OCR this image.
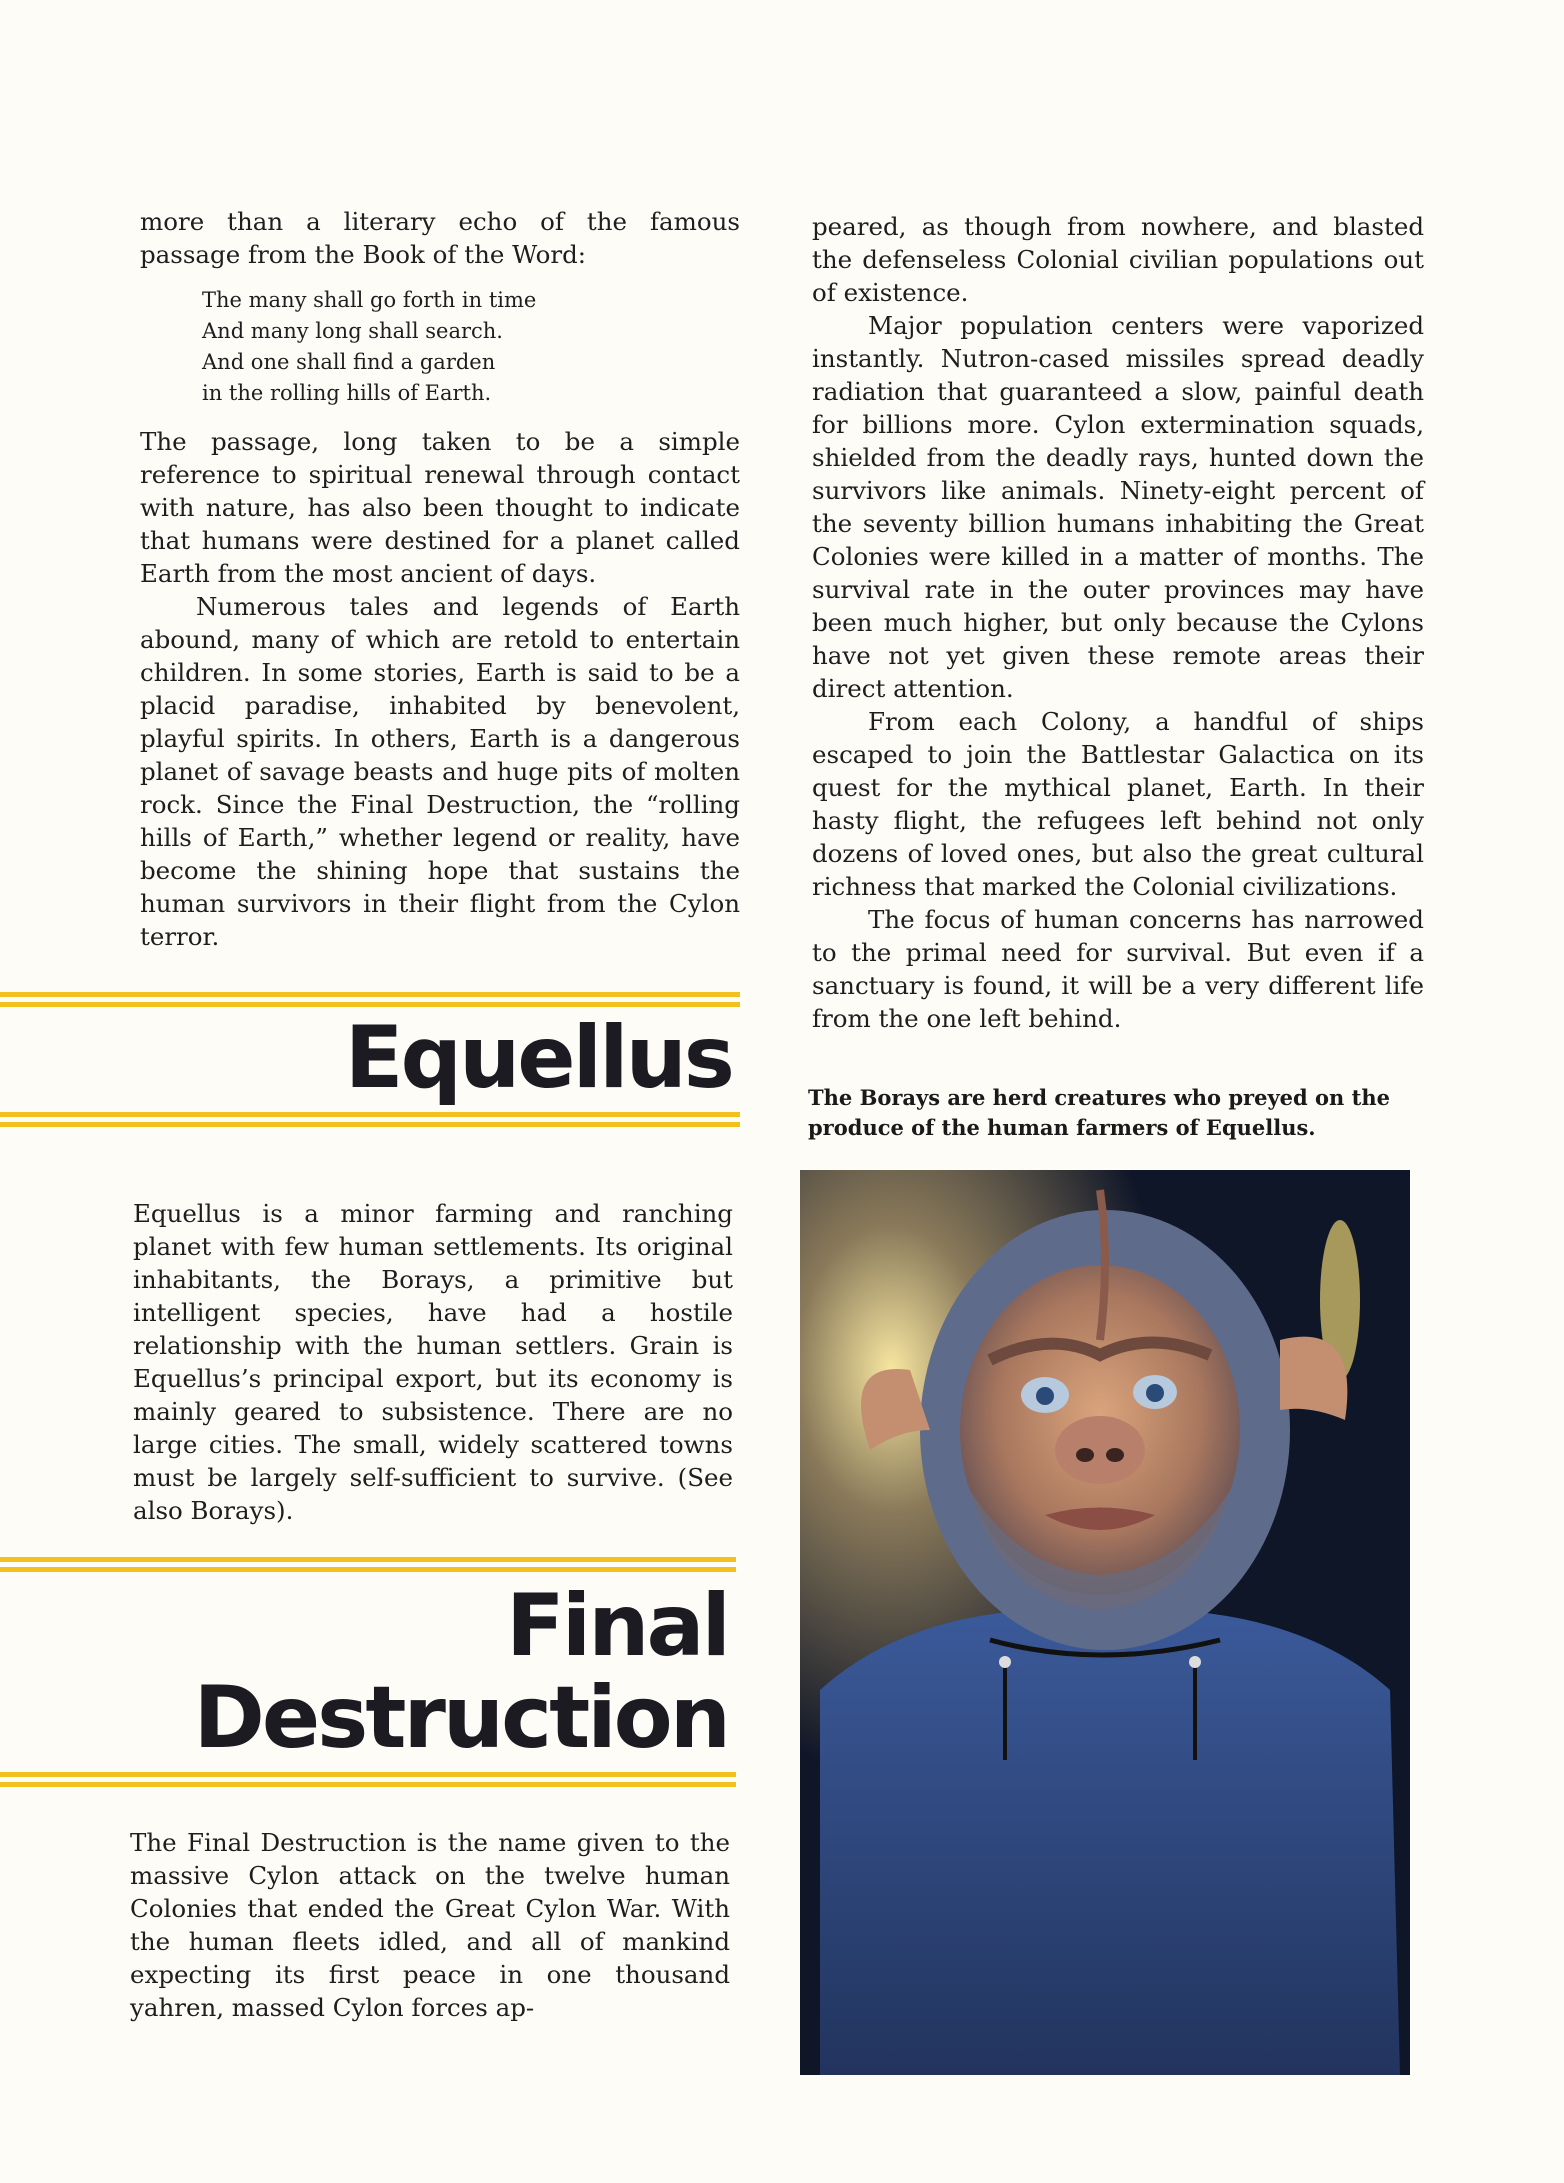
more than a literary echo of the famous passage from the Book of the Word:

The many shall go forth in time
And many long shall search.
And one shall find a garden
in the rolling hills of Earth.

The passage, long taken to be a simple reference to spiritual renewal through contact with nature, has also been thought to indicate that humans were destined for a planet called Earth from the most ancient of days.

Numerous tales and legends of Earth abound, many of which are retold to entertain children. In some stories, Earth is said to be a placid paradise, inhabited by benevolent, playful spirits. In others, Earth is a dangerous planet of savage beasts and huge pits of molten rock. Since the Final Destruction, the “rolling hills of Earth,” whether legend or reality, have become the shining hope that sustains the human survivors in their flight from the Cylon terror.

Equellus

Equellus is a minor farming and ranching planet with few human settlements. Its original inhabitants, the Borays, a primitive but intelligent species, have had a hostile relationship with the human settlers. Grain is Equellus’s principal export, but its economy is mainly geared to subsistence. There are no large cities. The small, widely scattered towns must be largely self-sufficient to survive. (See also Borays).

Final
Destruction

The Final Destruction is the name given to the massive Cylon attack on the twelve human Colonies that ended the Great Cylon War. With the human fleets idled, and all of mankind expecting its first peace in one thousand yahren, massed Cylon forces ap-

peared, as though from nowhere, and blasted the defenseless Colonial civilian populations out of existence.

Major population centers were vaporized instantly. Nutron-cased missiles spread deadly radiation that guaranteed a slow, painful death for billions more. Cylon extermination squads, shielded from the deadly rays, hunted down the survivors like animals. Ninety-eight percent of the seventy billion humans inhabiting the Great Colonies were killed in a matter of months. The survival rate in the outer provinces may have been much higher, but only because the Cylons have not yet given these remote areas their direct attention.

From each Colony, a handful of ships escaped to join the Battlestar Galactica on its quest for the mythical planet, Earth. In their hasty flight, the refugees left behind not only dozens of loved ones, but also the great cultural richness that marked the Colonial civilizations.

The focus of human concerns has narrowed to the primal need for survival. But even if a sanctuary is found, it will be a very different life from the one left behind.

The Borays are herd creatures who preyed on the produce of the human farmers of Equellus.
